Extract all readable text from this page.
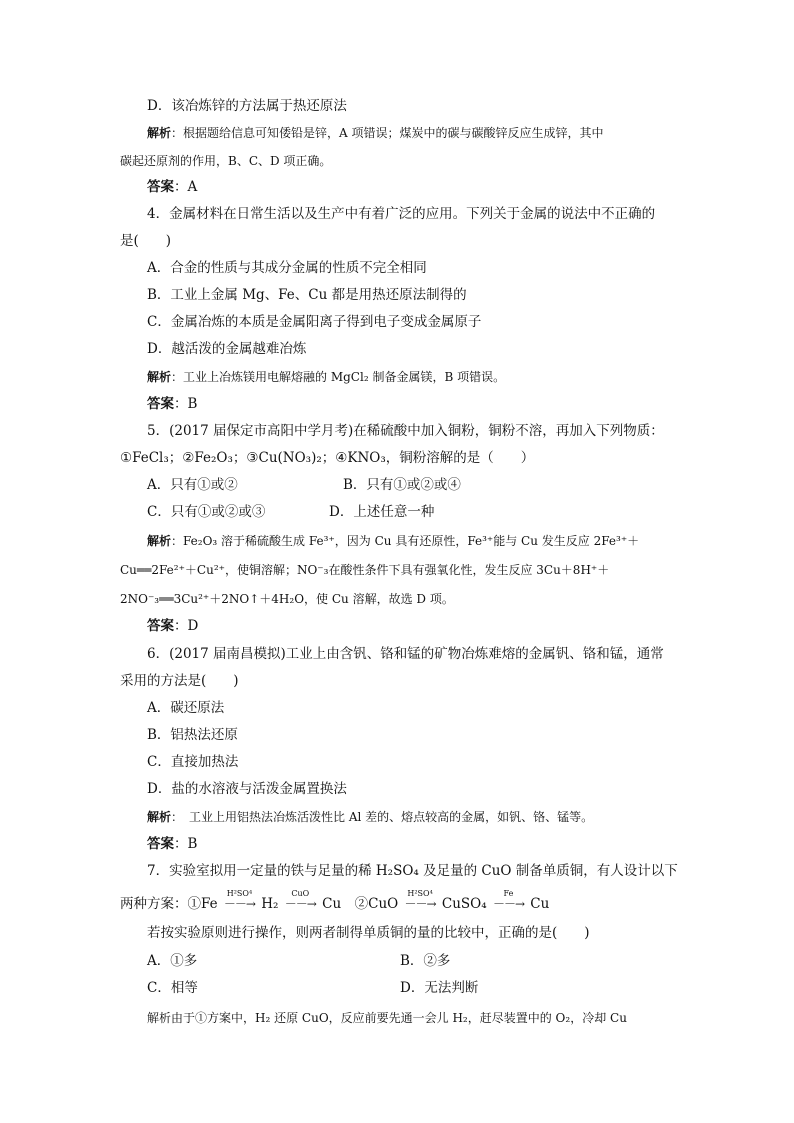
D．该冶炼锌的方法属于热还原法
解析：根据题给信息可知倭铅是锌，A 项错误；煤炭中的碳与碳酸锌反应生成锌，其中
碳起还原剂的作用，B、C、D 项正确。
答案：A
4．金属材料在日常生活以及生产中有着广泛的应用。下列关于金属的说法中不正确的
是(　　)
A．合金的性质与其成分金属的性质不完全相同
B．工业上金属 Mg、Fe、Cu 都是用热还原法制得的
C．金属冶炼的本质是金属阳离子得到电子变成金属原子
D．越活泼的金属越难冶炼
解析：工业上冶炼镁用电解熔融的 MgCl₂ 制备金属镁，B 项错误。
答案：B
5．(2017 届保定市高阳中学月考)在稀硫酸中加入铜粉，铜粉不溶，再加入下列物质：
①FeCl₃；②Fe₂O₃；③Cu(NO₃)₂；④KNO₃，铜粉溶解的是（　　）
A．只有①或②	B．只有①或②或④
C．只有①或②或③	D．上述任意一种
解析：Fe₂O₃ 溶于稀硫酸生成 Fe³⁺，因为 Cu 具有还原性，Fe³⁺能与 Cu 发生反应 2Fe³⁺＋
Cu══2Fe²⁺＋Cu²⁺，使铜溶解；NO⁻₃在酸性条件下具有强氧化性，发生反应 3Cu＋8H⁺＋
2NO⁻₃══3Cu²⁺＋2NO↑＋4H₂O，使 Cu 溶解，故选 D 项。
答案：D
6．(2017 届南昌模拟)工业上由含钒、铬和锰的矿物冶炼难熔的金属钒、铬和锰，通常
采用的方法是(　　)
A．碳还原法
B．铝热法还原
C．直接加热法
D．盐的水溶液与活泼金属置换法
解析：　工业上用铝热法冶炼活泼性比 Al 差的、熔点较高的金属，如钒、铬、锰等。
答案：B
7．实验室拟用一定量的铁与足量的稀 H₂SO₄ 及足量的 CuO 制备单质铜，有人设计以下
两种方案：①Fe
H²SO⁴
－－→ H₂
CuO
－－→ Cu　②CuO
H²SO⁴
－－→ CuSO₄
Fe
－－→ Cu
若按实验原则进行操作，则两者制得单质铜的量的比较中，正确的是(　　)
A．①多	B．②多
C．相等	D．无法判断
解析由于①方案中，H₂ 还原 CuO，反应前要先通一会儿 H₂，赶尽装置中的 O₂，冷却 Cu
